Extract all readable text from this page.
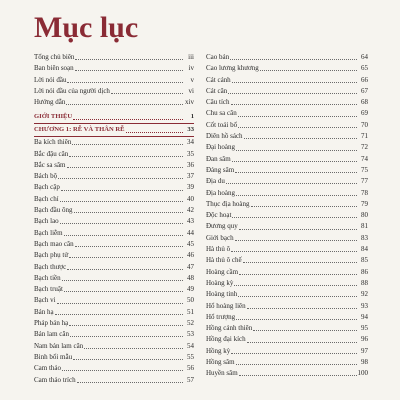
Mục lục
Tổng chủ biên	iii
Ban biên soạn	iv
Lời nói đầu	v
Lời nói đầu của người dịch	vi
Hướng dẫn	xiv
GIỚI THIỆU	1
CHƯƠNG 1: RỄ VÀ THÂN RỄ	33
Ba kích thiên	34
Bắc đậu căn	35
Bắc sa sâm	36
Bách bộ	37
Bạch cập	39
Bạch chỉ	40
Bạch đầu ông	42
Bạch lao	43
Bạch liễm	44
Bạch mao căn	45
Bạch phụ tử	46
Bạch thược	47
Bạch tiền	48
Bạch truật	49
Bạch vi	50
Bán hạ	51
Pháp bán hạ	52
Bản lam căn	53
Nam bản lam căn	54
Binh bối mẫu	55
Cam thảo	56
Cam thảo trích	57
Cao bản	64
Cao lương khương	65
Cát cánh	66
Cát căn	67
Câu tích	68
Chu sa căn	69
Cốt toái bổ	70
Diên hồ sách	71
Đại hoàng	72
Đan sâm	74
Đảng sâm	75
Địa du	77
Địa hoàng	78
Thục địa hoàng	79
Độc hoạt	80
Đương quy	81
Giới bạch	83
Hà thủ ô	84
Hà thủ ô chế	85
Hoàng cầm	86
Hoàng kỳ	88
Hoàng tinh	92
Hổ hoàng liên	93
Hổ trượng	94
Hồng cảnh thiên	95
Hồng đại kích	96
Hồng kỳ	97
Hồng sâm	98
Huyền sâm	100
